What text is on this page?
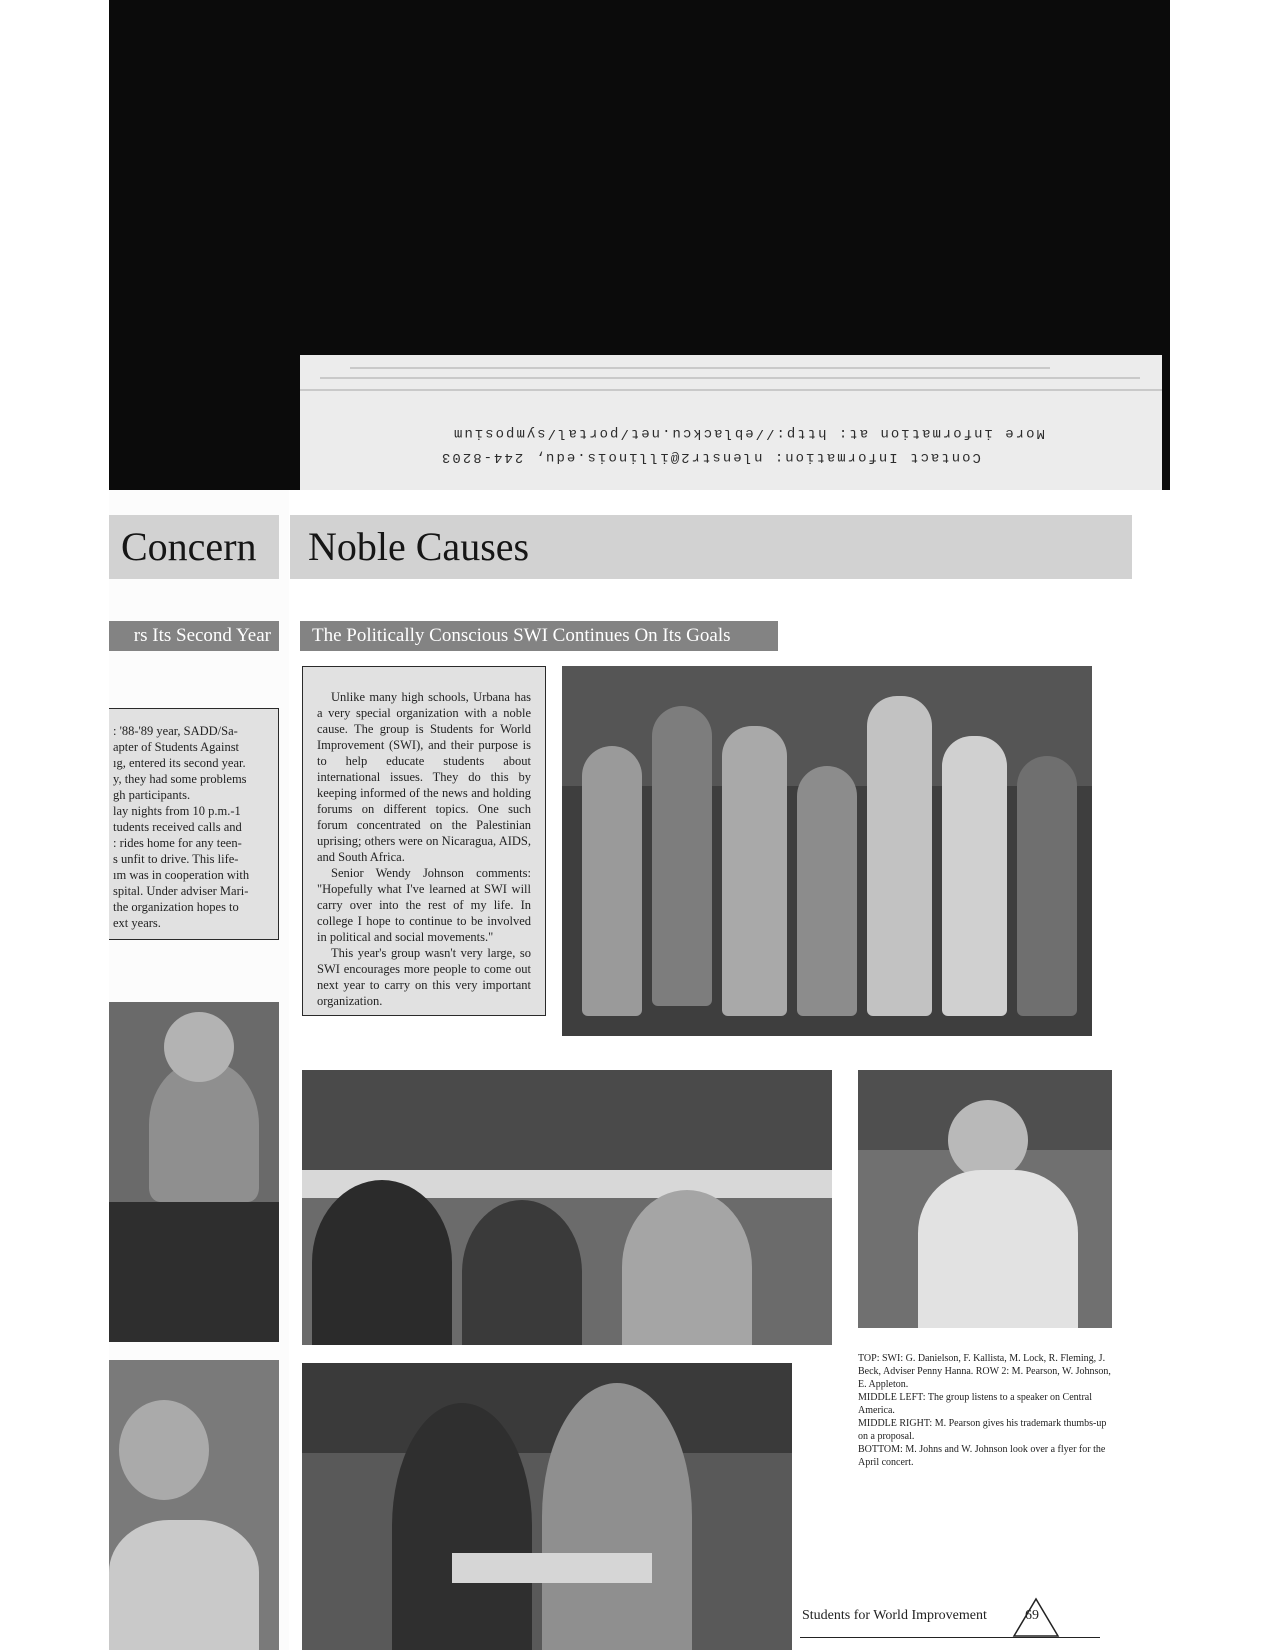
More information at: http://eblackcu.net/portal/symposium
Contact Information: nlenstr2@illinois.edu, 244-8203
Concern
rs Its Second Year
: '88-'89 year, SADD/Sa-
apter of Students Against
ıg, entered its second year.
y, they had some problems
gh participants.
lay nights from 10 p.m.-1
tudents received calls and
: rides home for any teen-
s unfit to drive. This life-
ım was in cooperation with
spital. Under adviser Mari-
the organization hopes to
ext years.
Noble Causes
The Politically Conscious SWI Continues On Its Goals
Unlike many high schools, Urbana has a very special organization with a noble cause. The group is Students for World Improvement (SWI), and their purpose is to help educate students about international issues. They do this by keeping informed of the news and holding forums on different topics. One such forum concentrated on the Palestinian uprising; others were on Nicaragua, AIDS, and South Africa.
Senior Wendy Johnson comments: "Hopefully what I've learned at SWI will carry over into the rest of my life. In college I hope to continue to be involved in political and social movements."
This year's group wasn't very large, so SWI encourages more people to come out next year to carry on this very important organization.
TOP: SWI: G. Danielson, F. Kallista, M. Lock, R. Fleming, J. Beck, Adviser Penny Hanna. ROW 2: M. Pearson, W. Johnson, E. Appleton.
MIDDLE LEFT: The group listens to a speaker on Central America.
MIDDLE RIGHT: M. Pearson gives his trademark thumbs-up on a proposal.
BOTTOM: M. Johns and W. Johnson look over a flyer for the April concert.
Students for World Improvement	69
